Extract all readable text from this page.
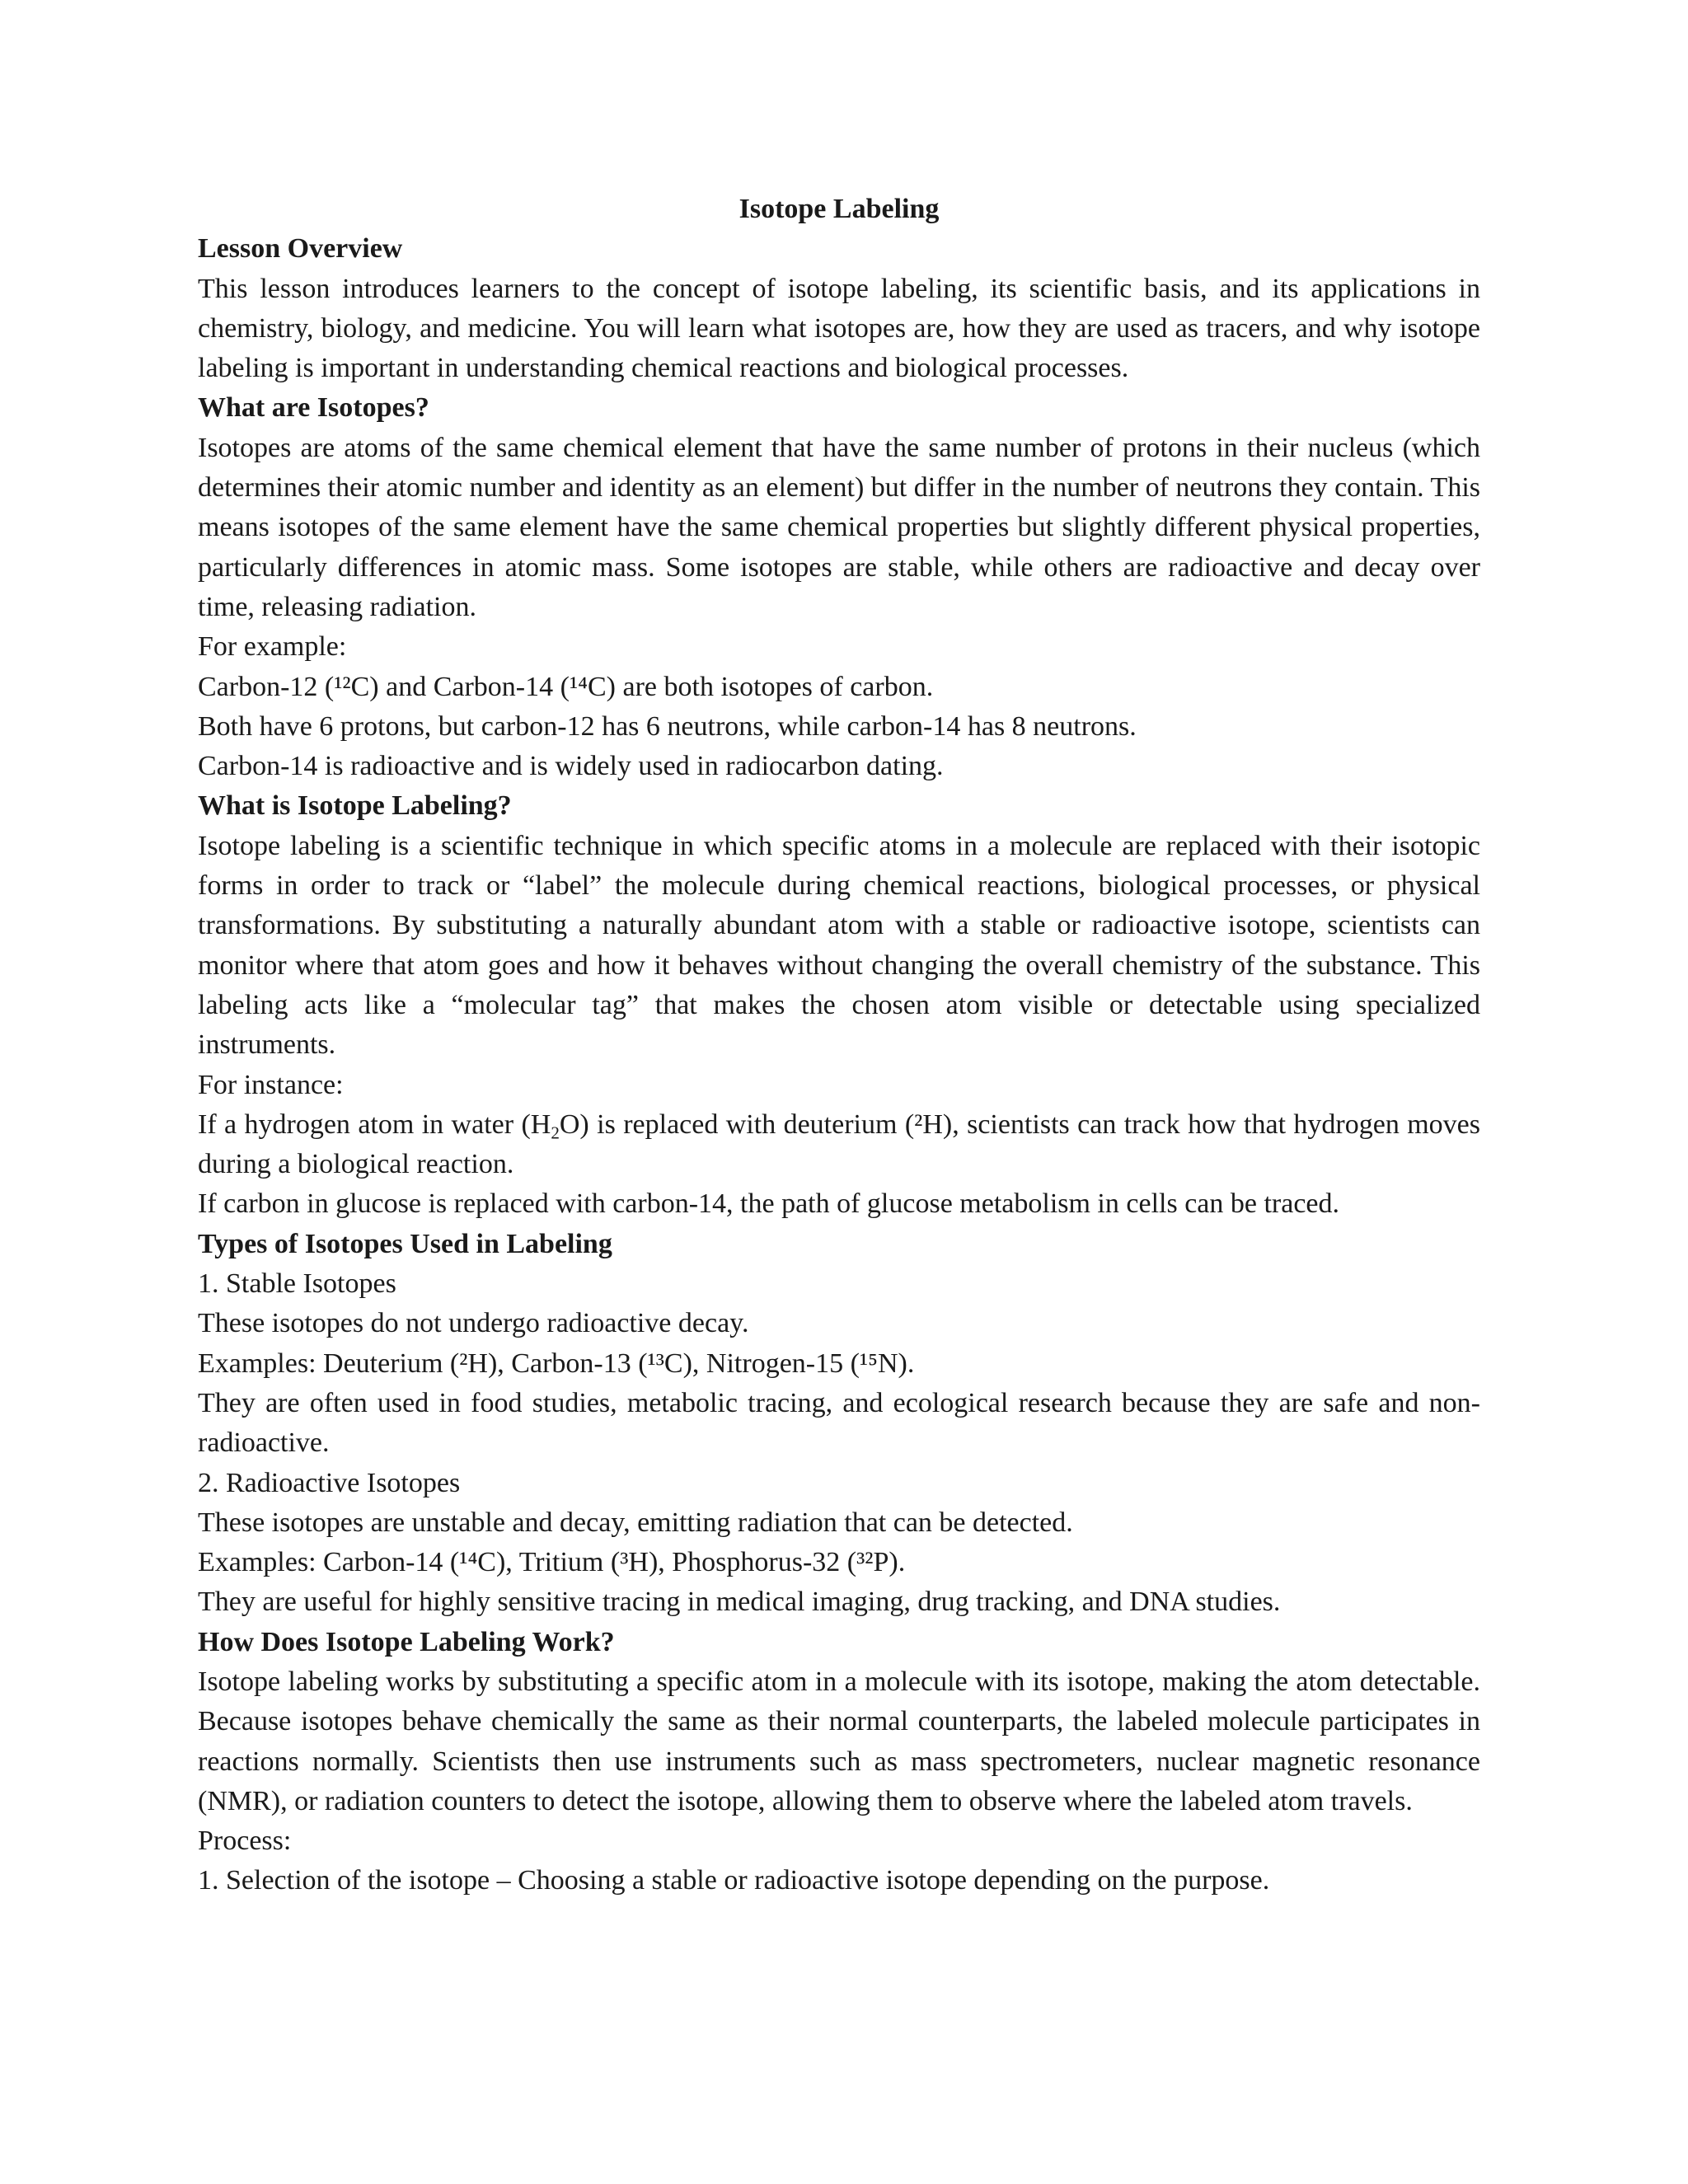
Isotope Labeling

Lesson Overview

This lesson introduces learners to the concept of isotope labeling, its scientific basis, and its applications in chemistry, biology, and medicine. You will learn what isotopes are, how they are used as tracers, and why isotope labeling is important in understanding chemical reactions and biological processes.

What are Isotopes?

Isotopes are atoms of the same chemical element that have the same number of protons in their nucleus (which determines their atomic number and identity as an element) but differ in the number of neutrons they contain. This means isotopes of the same element have the same chemical properties but slightly different physical properties, particularly differences in atomic mass. Some isotopes are stable, while others are radioactive and decay over time, releasing radiation.

For example:

Carbon-12 (¹²C) and Carbon-14 (¹⁴C) are both isotopes of carbon.

Both have 6 protons, but carbon-12 has 6 neutrons, while carbon-14 has 8 neutrons.

Carbon-14 is radioactive and is widely used in radiocarbon dating.

What is Isotope Labeling?

Isotope labeling is a scientific technique in which specific atoms in a molecule are replaced with their isotopic forms in order to track or “label” the molecule during chemical reactions, biological processes, or physical transformations. By substituting a naturally abundant atom with a stable or radioactive isotope, scientists can monitor where that atom goes and how it behaves without changing the overall chemistry of the substance. This labeling acts like a “molecular tag” that makes the chosen atom visible or detectable using specialized instruments.

For instance:

If a hydrogen atom in water $(H_2O)$ is replaced with deuterium (²H), scientists can track how that hydrogen moves during a biological reaction.

If carbon in glucose is replaced with carbon-14, the path of glucose metabolism in cells can be traced.

Types of Isotopes Used in Labeling

1. Stable Isotopes

These isotopes do not undergo radioactive decay.

Examples: Deuterium (²H), Carbon-13 (¹³C), Nitrogen-15 (¹⁵N).

They are often used in food studies, metabolic tracing, and ecological research because they are safe and non-radioactive.

2. Radioactive Isotopes

These isotopes are unstable and decay, emitting radiation that can be detected.

Examples: Carbon-14 (¹⁴C), Tritium (³H), Phosphorus-32 (³²P).

They are useful for highly sensitive tracing in medical imaging, drug tracking, and DNA studies.

How Does Isotope Labeling Work?

Isotope labeling works by substituting a specific atom in a molecule with its isotope, making the atom detectable. Because isotopes behave chemically the same as their normal counterparts, the labeled molecule participates in reactions normally. Scientists then use instruments such as mass spectrometers, nuclear magnetic resonance (NMR), or radiation counters to detect the isotope, allowing them to observe where the labeled atom travels.

Process:

1. Selection of the isotope – Choosing a stable or radioactive isotope depending on the purpose.
